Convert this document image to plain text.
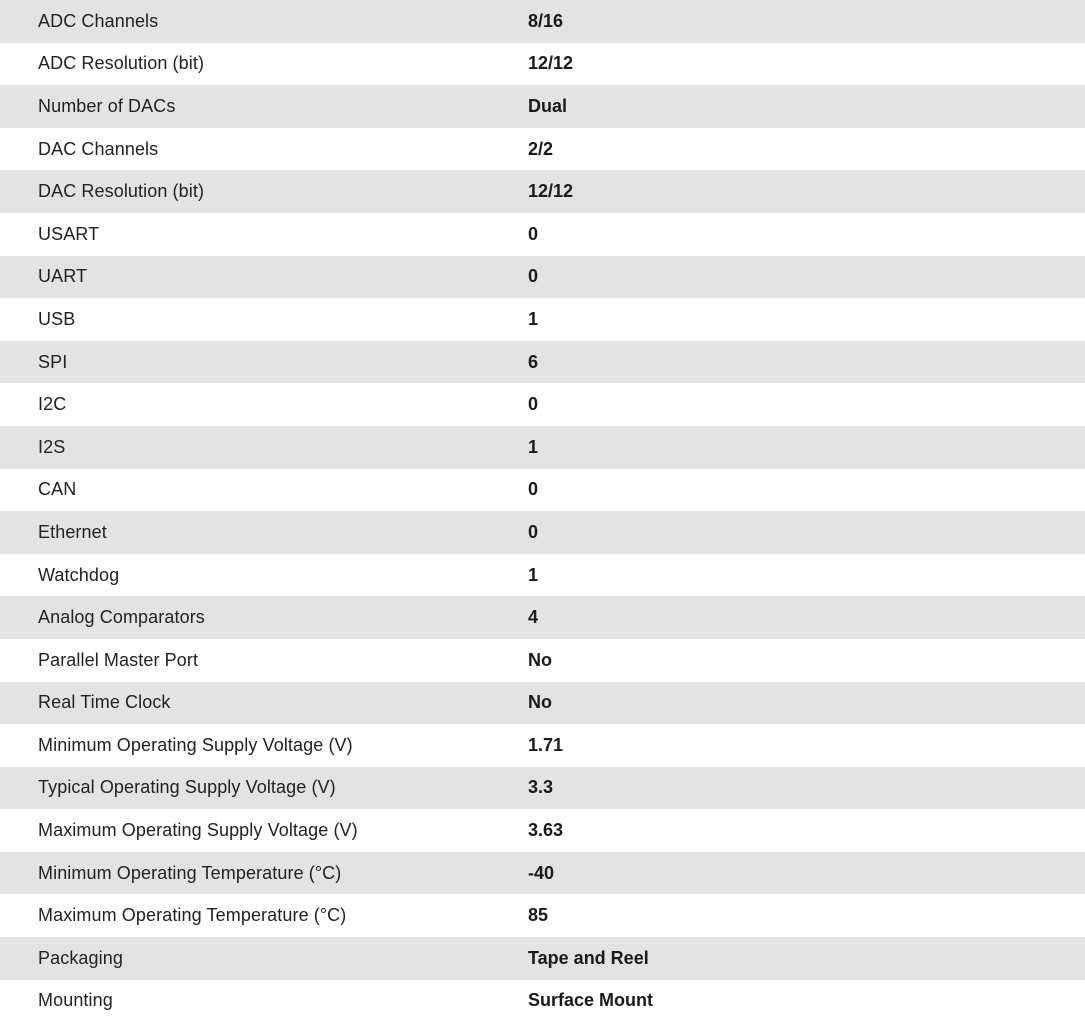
ADC Channels	8/16
ADC Resolution (bit)	12/12
Number of DACs	Dual
DAC Channels	2/2
DAC Resolution (bit)	12/12
USART	0
UART	0
USB	1
SPI	6
I2C	0
I2S	1
CAN	0
Ethernet	0
Watchdog	1
Analog Comparators	4
Parallel Master Port	No
Real Time Clock	No
Minimum Operating Supply Voltage (V)	1.71
Typical Operating Supply Voltage (V)	3.3
Maximum Operating Supply Voltage (V)	3.63
Minimum Operating Temperature (°C)	-40
Maximum Operating Temperature (°C)	85
Packaging	Tape and Reel
Mounting	Surface Mount
